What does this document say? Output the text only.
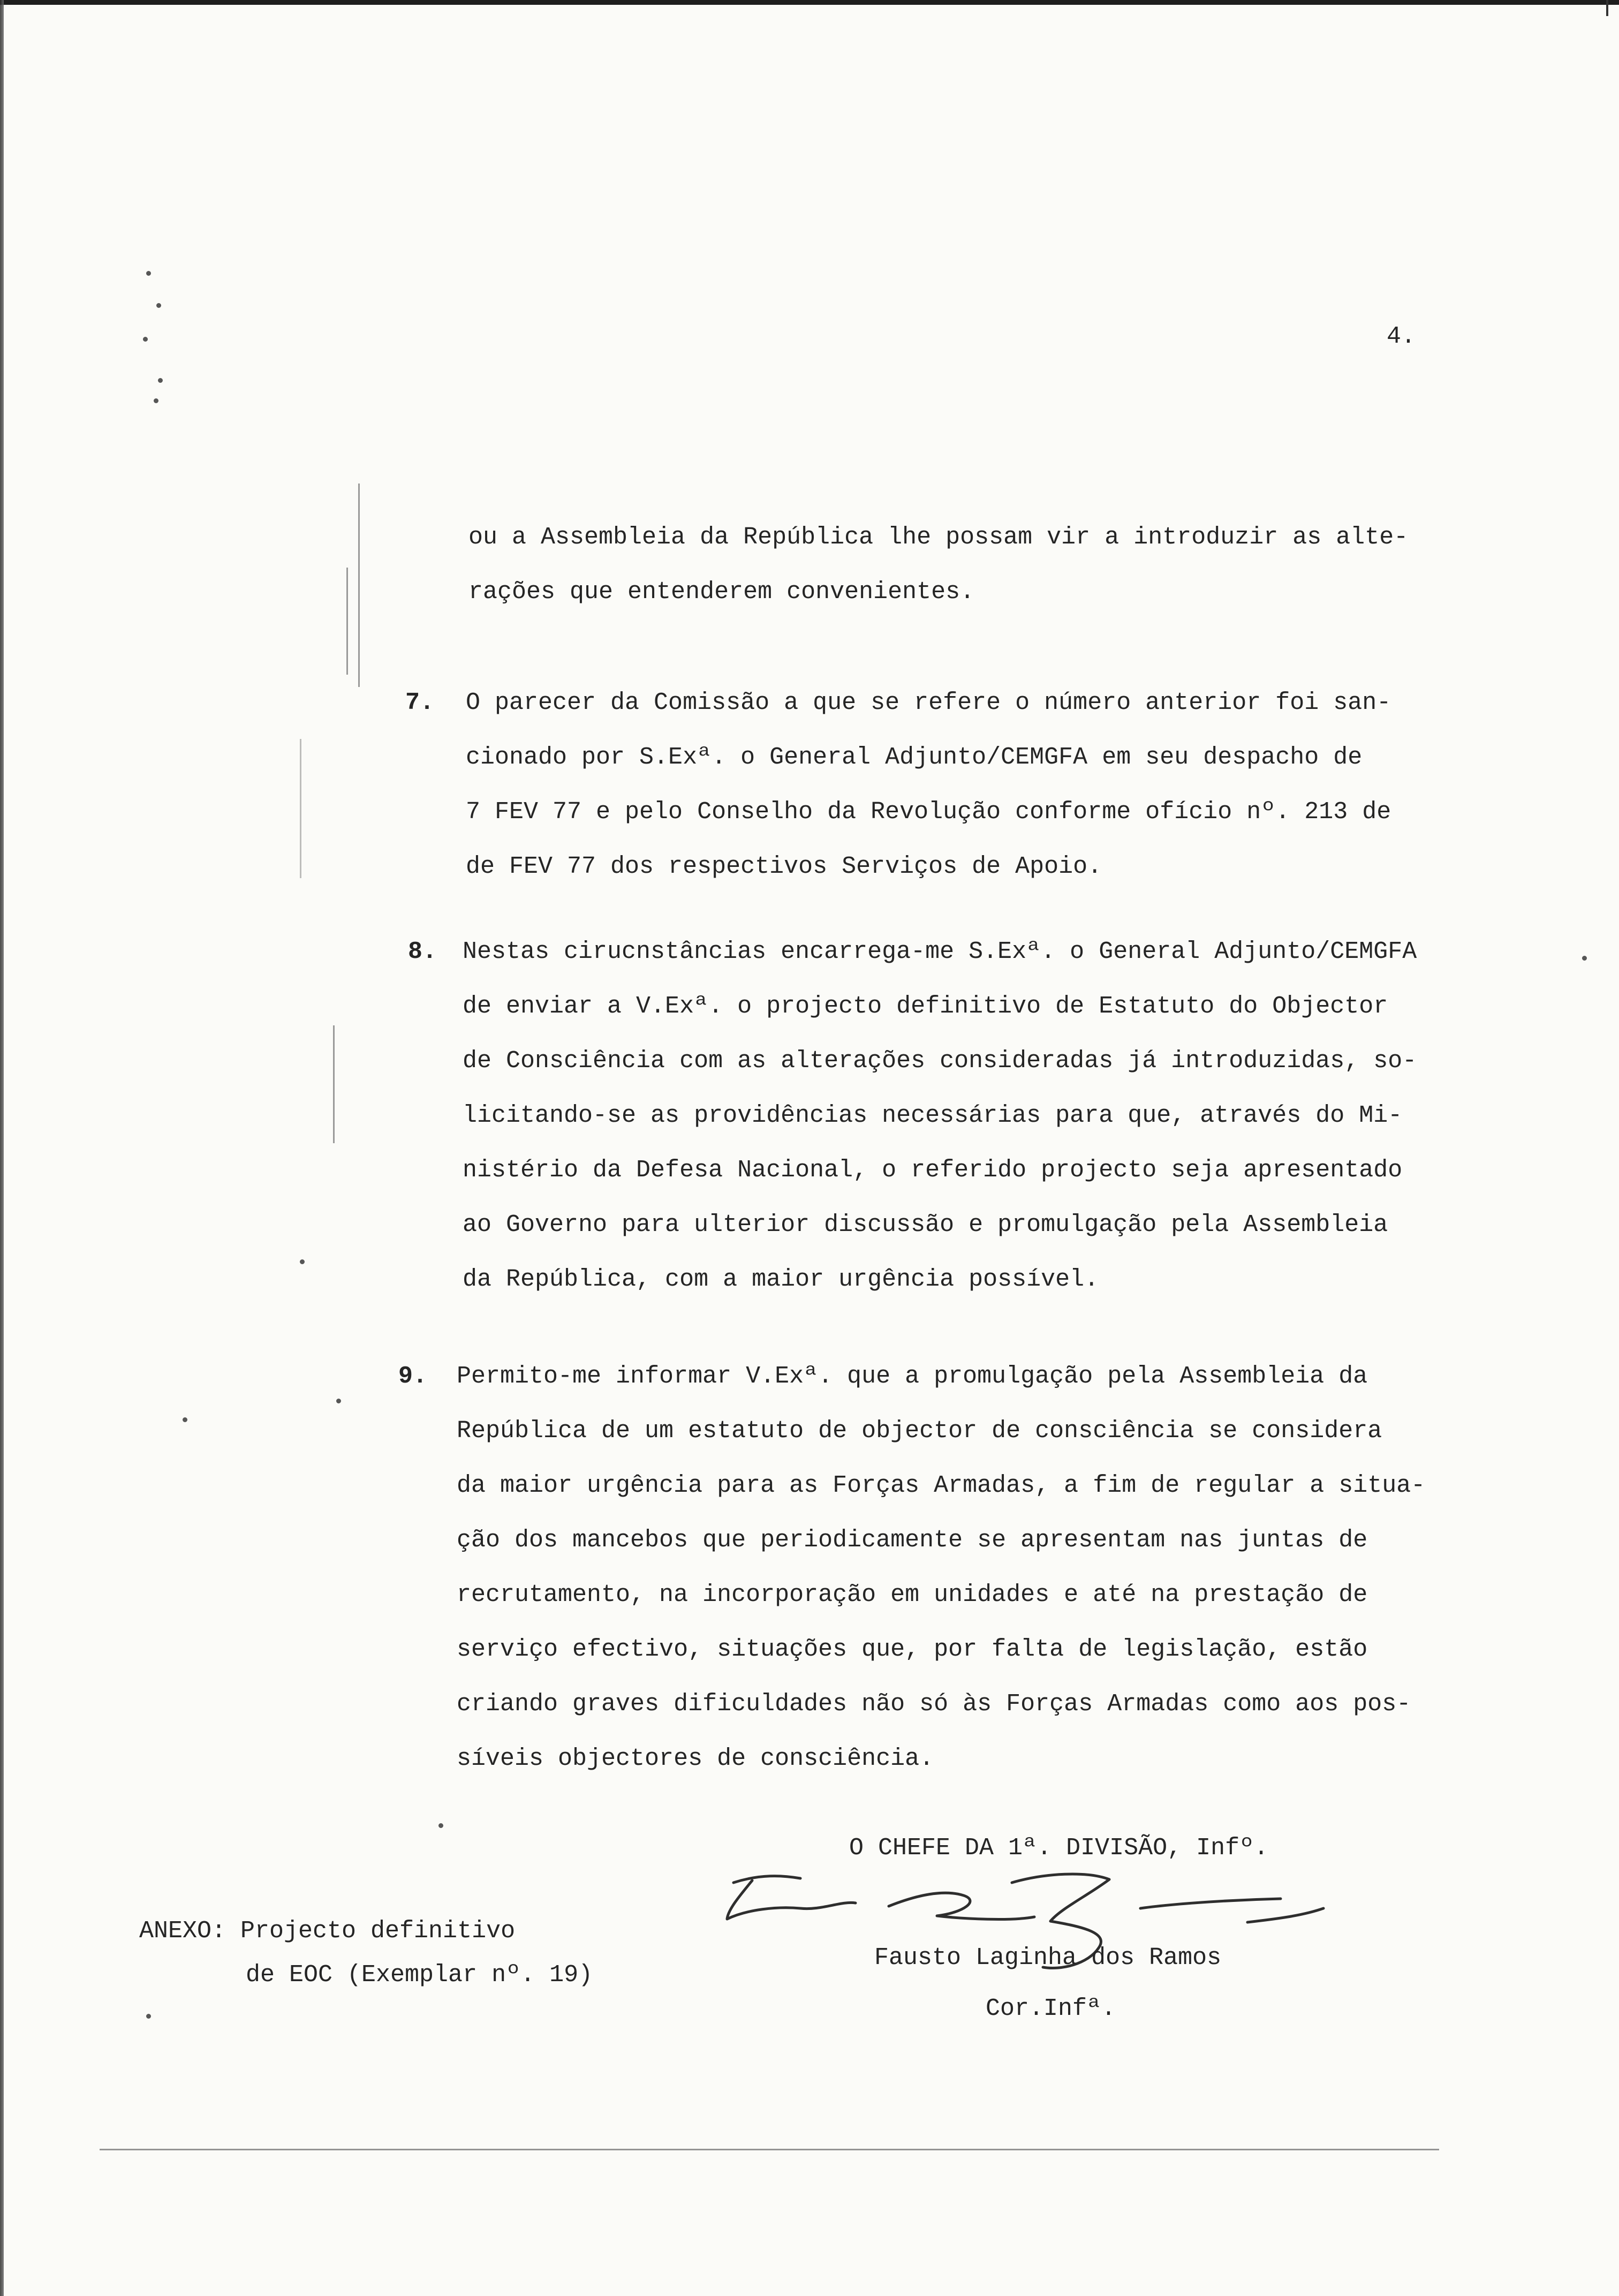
4.
ou a Assembleia da República lhe possam vir a introduzir as alte-
rações que entenderem convenientes.
7. O parecer da Comissão a que se refere o número anterior foi san-
cionado por S.Exª. o General Adjunto/CEMGFA em seu despacho de
7 FEV 77 e pelo Conselho da Revolução conforme ofício nº. 213 de
de FEV 77 dos respectivos Serviços de Apoio.
8. Nestas cirucnstâncias encarrega-me S.Exª. o General Adjunto/CEMGFA
de enviar a V.Exª. o projecto definitivo de Estatuto do Objector
de Consciência com as alterações consideradas já introduzidas, so-
licitando-se as providências necessárias para que, através do Mi-
nistério da Defesa Nacional, o referido projecto seja apresentado
ao Governo para ulterior discussão e promulgação pela Assembleia
da República, com a maior urgência possível.
9. Permito-me informar V.Exª. que a promulgação pela Assembleia da
República de um estatuto de objector de consciência se considera
da maior urgência para as Forças Armadas, a fim de regular a situa-
ção dos mancebos que periodicamente se apresentam nas juntas de
recrutamento, na incorporação em unidades e até na prestação de
serviço efectivo, situações que, por falta de legislação, estão
criando graves dificuldades não só às Forças Armadas como aos pos-
síveis objectores de consciência.
O CHEFE DA 1ª. DIVISÃO, Infº.
Fausto Laginha dos Ramos
Cor.Infª.
ANEXO: Projecto definitivo
de EOC (Exemplar nº. 19)
